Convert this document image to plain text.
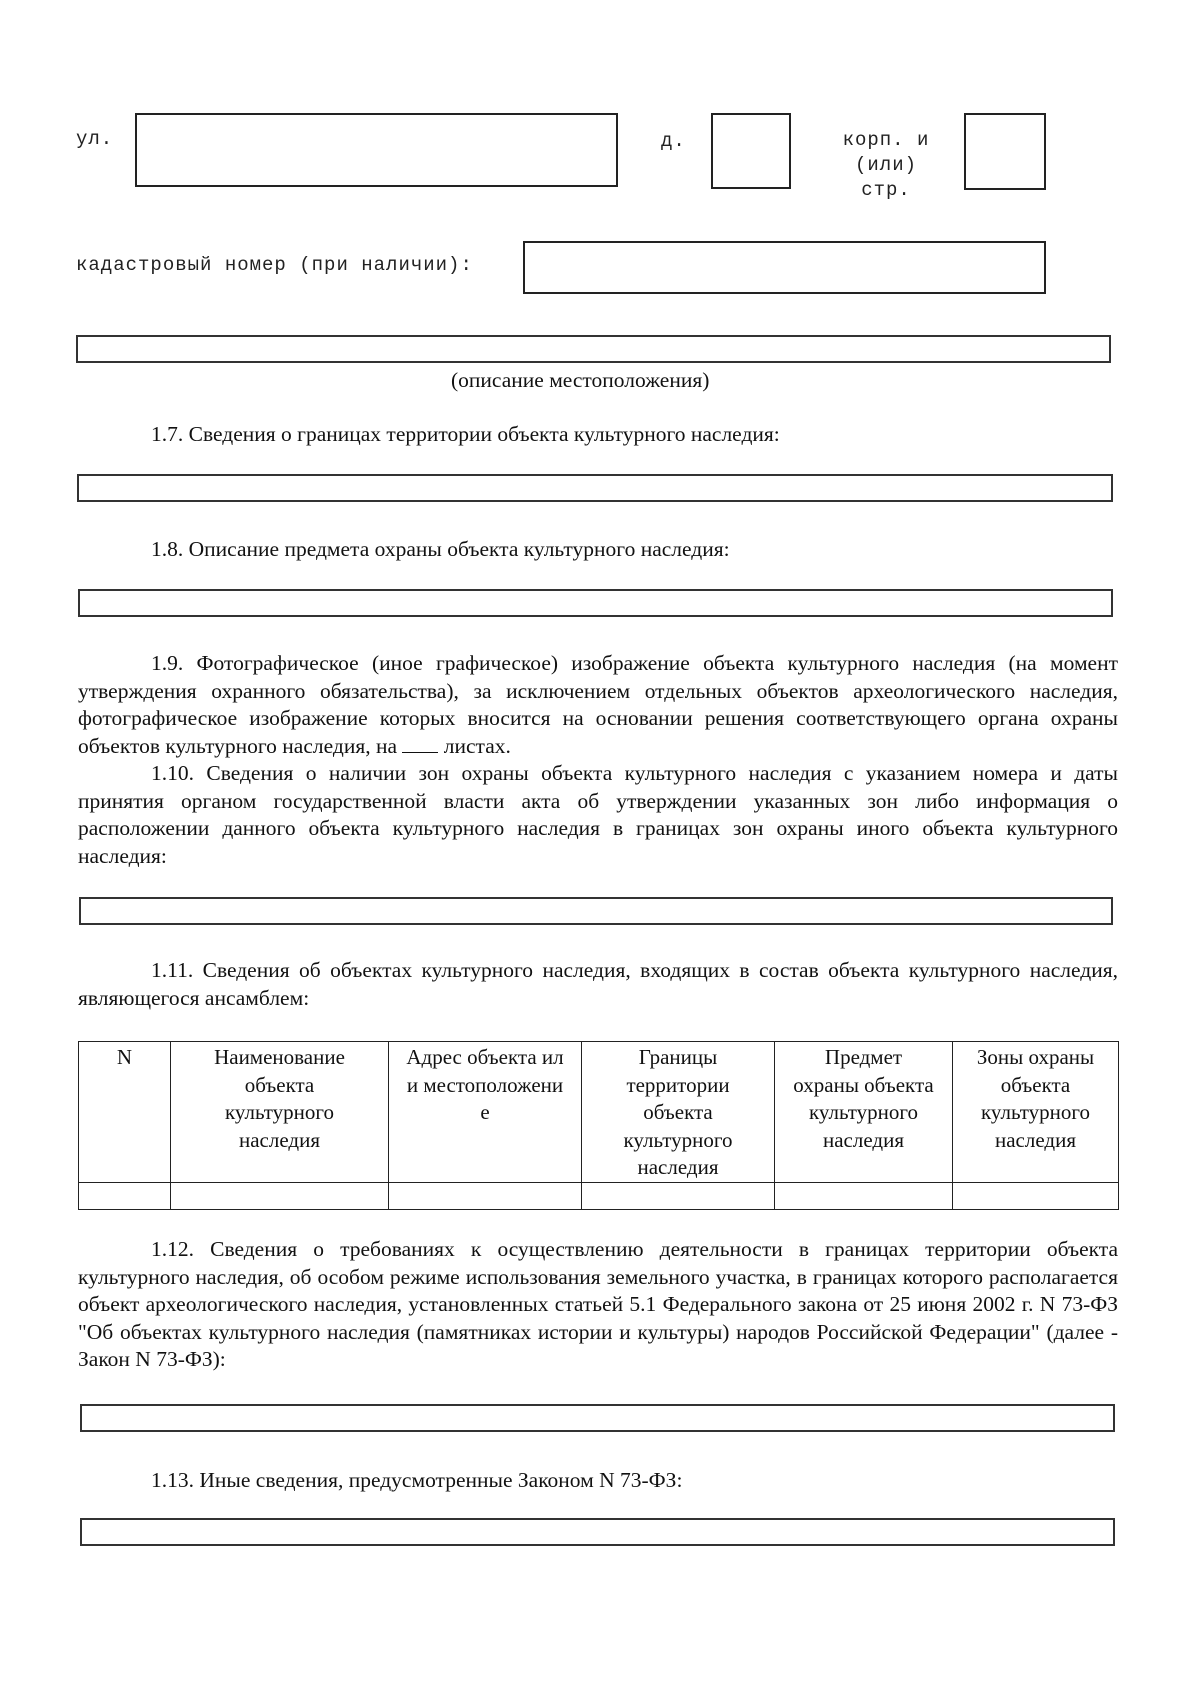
ул.	д.	корп. и
(или)
стр.
кадастровый номер (при наличии):
(описание местоположения)
1.7. Сведения о границах территории объекта культурного наследия:
1.8. Описание предмета охраны объекта культурного наследия:

1.9. Фотографическое (иное графическое) изображение объекта культурного наследия (на момент утверждения охранного обязательства), за исключением отдельных объектов археологического наследия, фотографическое изображение которых вносится на основании решения соответствующего органа охраны объектов культурного наследия, на листах.

1.10. Сведения о наличии зон охраны объекта культурного наследия с указанием номера и даты принятия органом государственной власти акта об утверждении указанных зон либо информация о расположении данного объекта культурного наследия в границах зон охраны иного объекта культурного наследия:

1.11. Сведения об объектах культурного наследия, входящих в состав объекта культурного наследия, являющегося ансамблем:

N	Наименование объекта культурного наследия	Адрес объекта или местоположени е	Границы территории объекта культурного наследия	Предмет охраны объекта культурного наследия	Зоны охраны объекта культурного наследия

1.12. Сведения о требованиях к осуществлению деятельности в границах территории объекта культурного наследия, об особом режиме использования земельного участка, в границах которого располагается объект археологического наследия, установленных статьей 5.1 Федерального закона от 25 июня 2002 г. N 73-ФЗ "Об объектах культурного наследия (памятниках истории и культуры) народов Российской Федерации" (далее - Закон N 73-ФЗ):

1.13. Иные сведения, предусмотренные Законом N 73-ФЗ:
